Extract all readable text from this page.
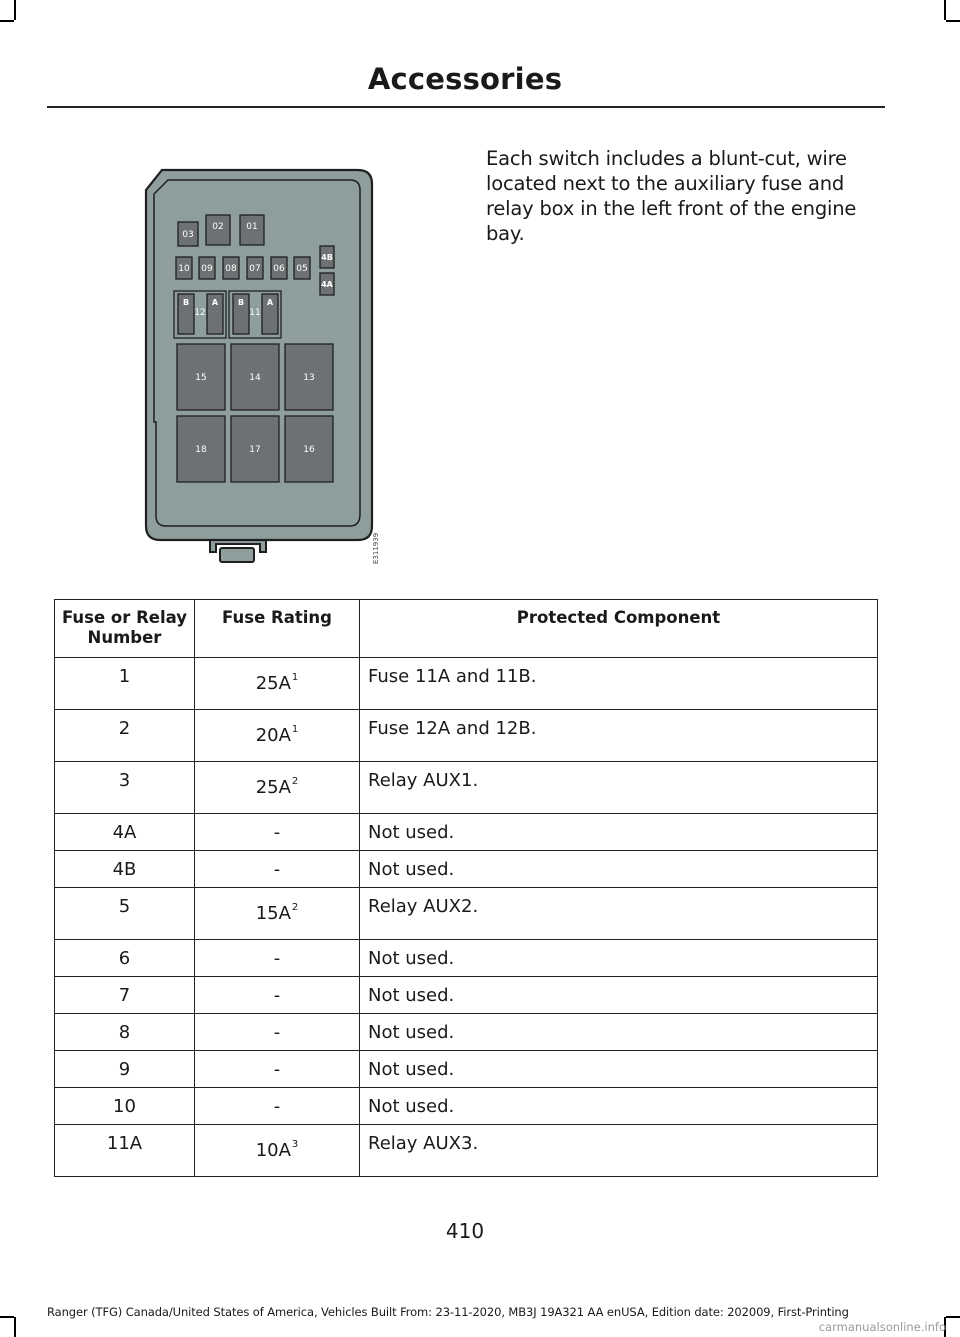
Accessories
Each switch includes a blunt-cut, wire located next to the auxiliary fuse and relay box in the left front of the engine bay.
03
02	01
10 09 08 07 06 05
4B
4A
B	A B	A
15	14	13
18	17	16
12	11
E311939
Fuse or Relay Number	Fuse Rating	Protected Component
1	$25A^1$	Fuse 11A and 11B.
2	$20A^1$	Fuse 12A and 12B.
3	$25A^2$	Relay AUX1.
4A	-	Not used.
4B	-	Not used.
5	$15A^2$	Relay AUX2.
6	-	Not used.
7	-	Not used.
8	-	Not used.
9	-	Not used.
10	-	Not used.
11A	$10A^3$	Relay AUX3.
410
Ranger (TFG) Canada/United States of America, Vehicles Built From: 23-11-2020, MB3J 19A321 AA enUSA, Edition date: 202009, First-Printing
carmanualsonline.info
